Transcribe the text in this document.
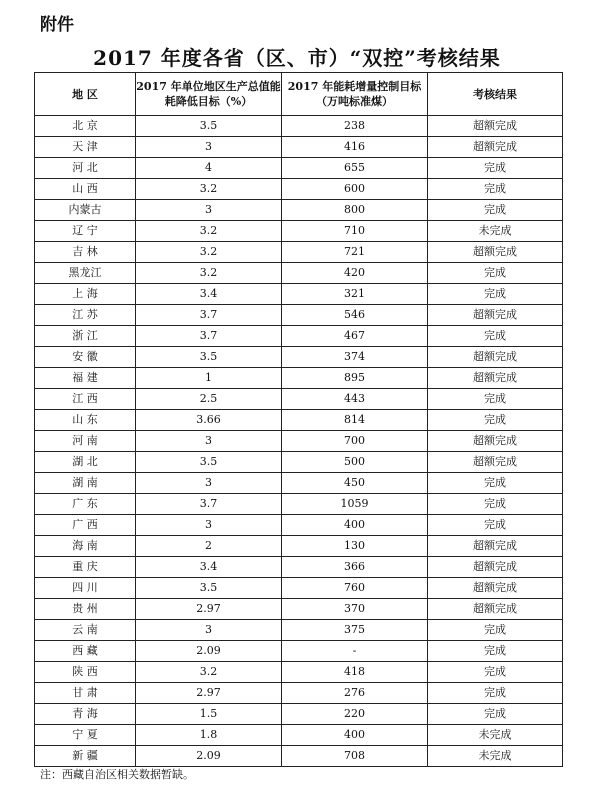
附件
2017 年度各省（区、市）“双控”考核结果
地 区	2017 年单位地区生产总值能耗降低目标（%）	2017 年能耗增量控制目标（万吨标准煤）	考核结果
北 京	3.5	238	超额完成
天 津	3	416	超额完成
河 北	4	655	完成
山 西	3.2	600	完成
内蒙古	3	800	完成
辽 宁	3.2	710	未完成
吉 林	3.2	721	超额完成
黑龙江	3.2	420	完成
上 海	3.4	321	完成
江 苏	3.7	546	超额完成
浙 江	3.7	467	完成
安 徽	3.5	374	超额完成
福 建	1	895	超额完成
江 西	2.5	443	完成
山 东	3.66	814	完成
河 南	3	700	超额完成
湖 北	3.5	500	超额完成
湖 南	3	450	完成
广 东	3.7	1059	完成
广 西	3	400	完成
海 南	2	130	超额完成
重 庆	3.4	366	超额完成
四 川	3.5	760	超额完成
贵 州	2.97	370	超额完成
云 南	3	375	完成
西 藏	2.09	-	完成
陕 西	3.2	418	完成
甘 肃	2.97	276	完成
青 海	1.5	220	完成
宁 夏	1.8	400	未完成
新 疆	2.09	708	未完成
注：西藏自治区相关数据暂缺。
